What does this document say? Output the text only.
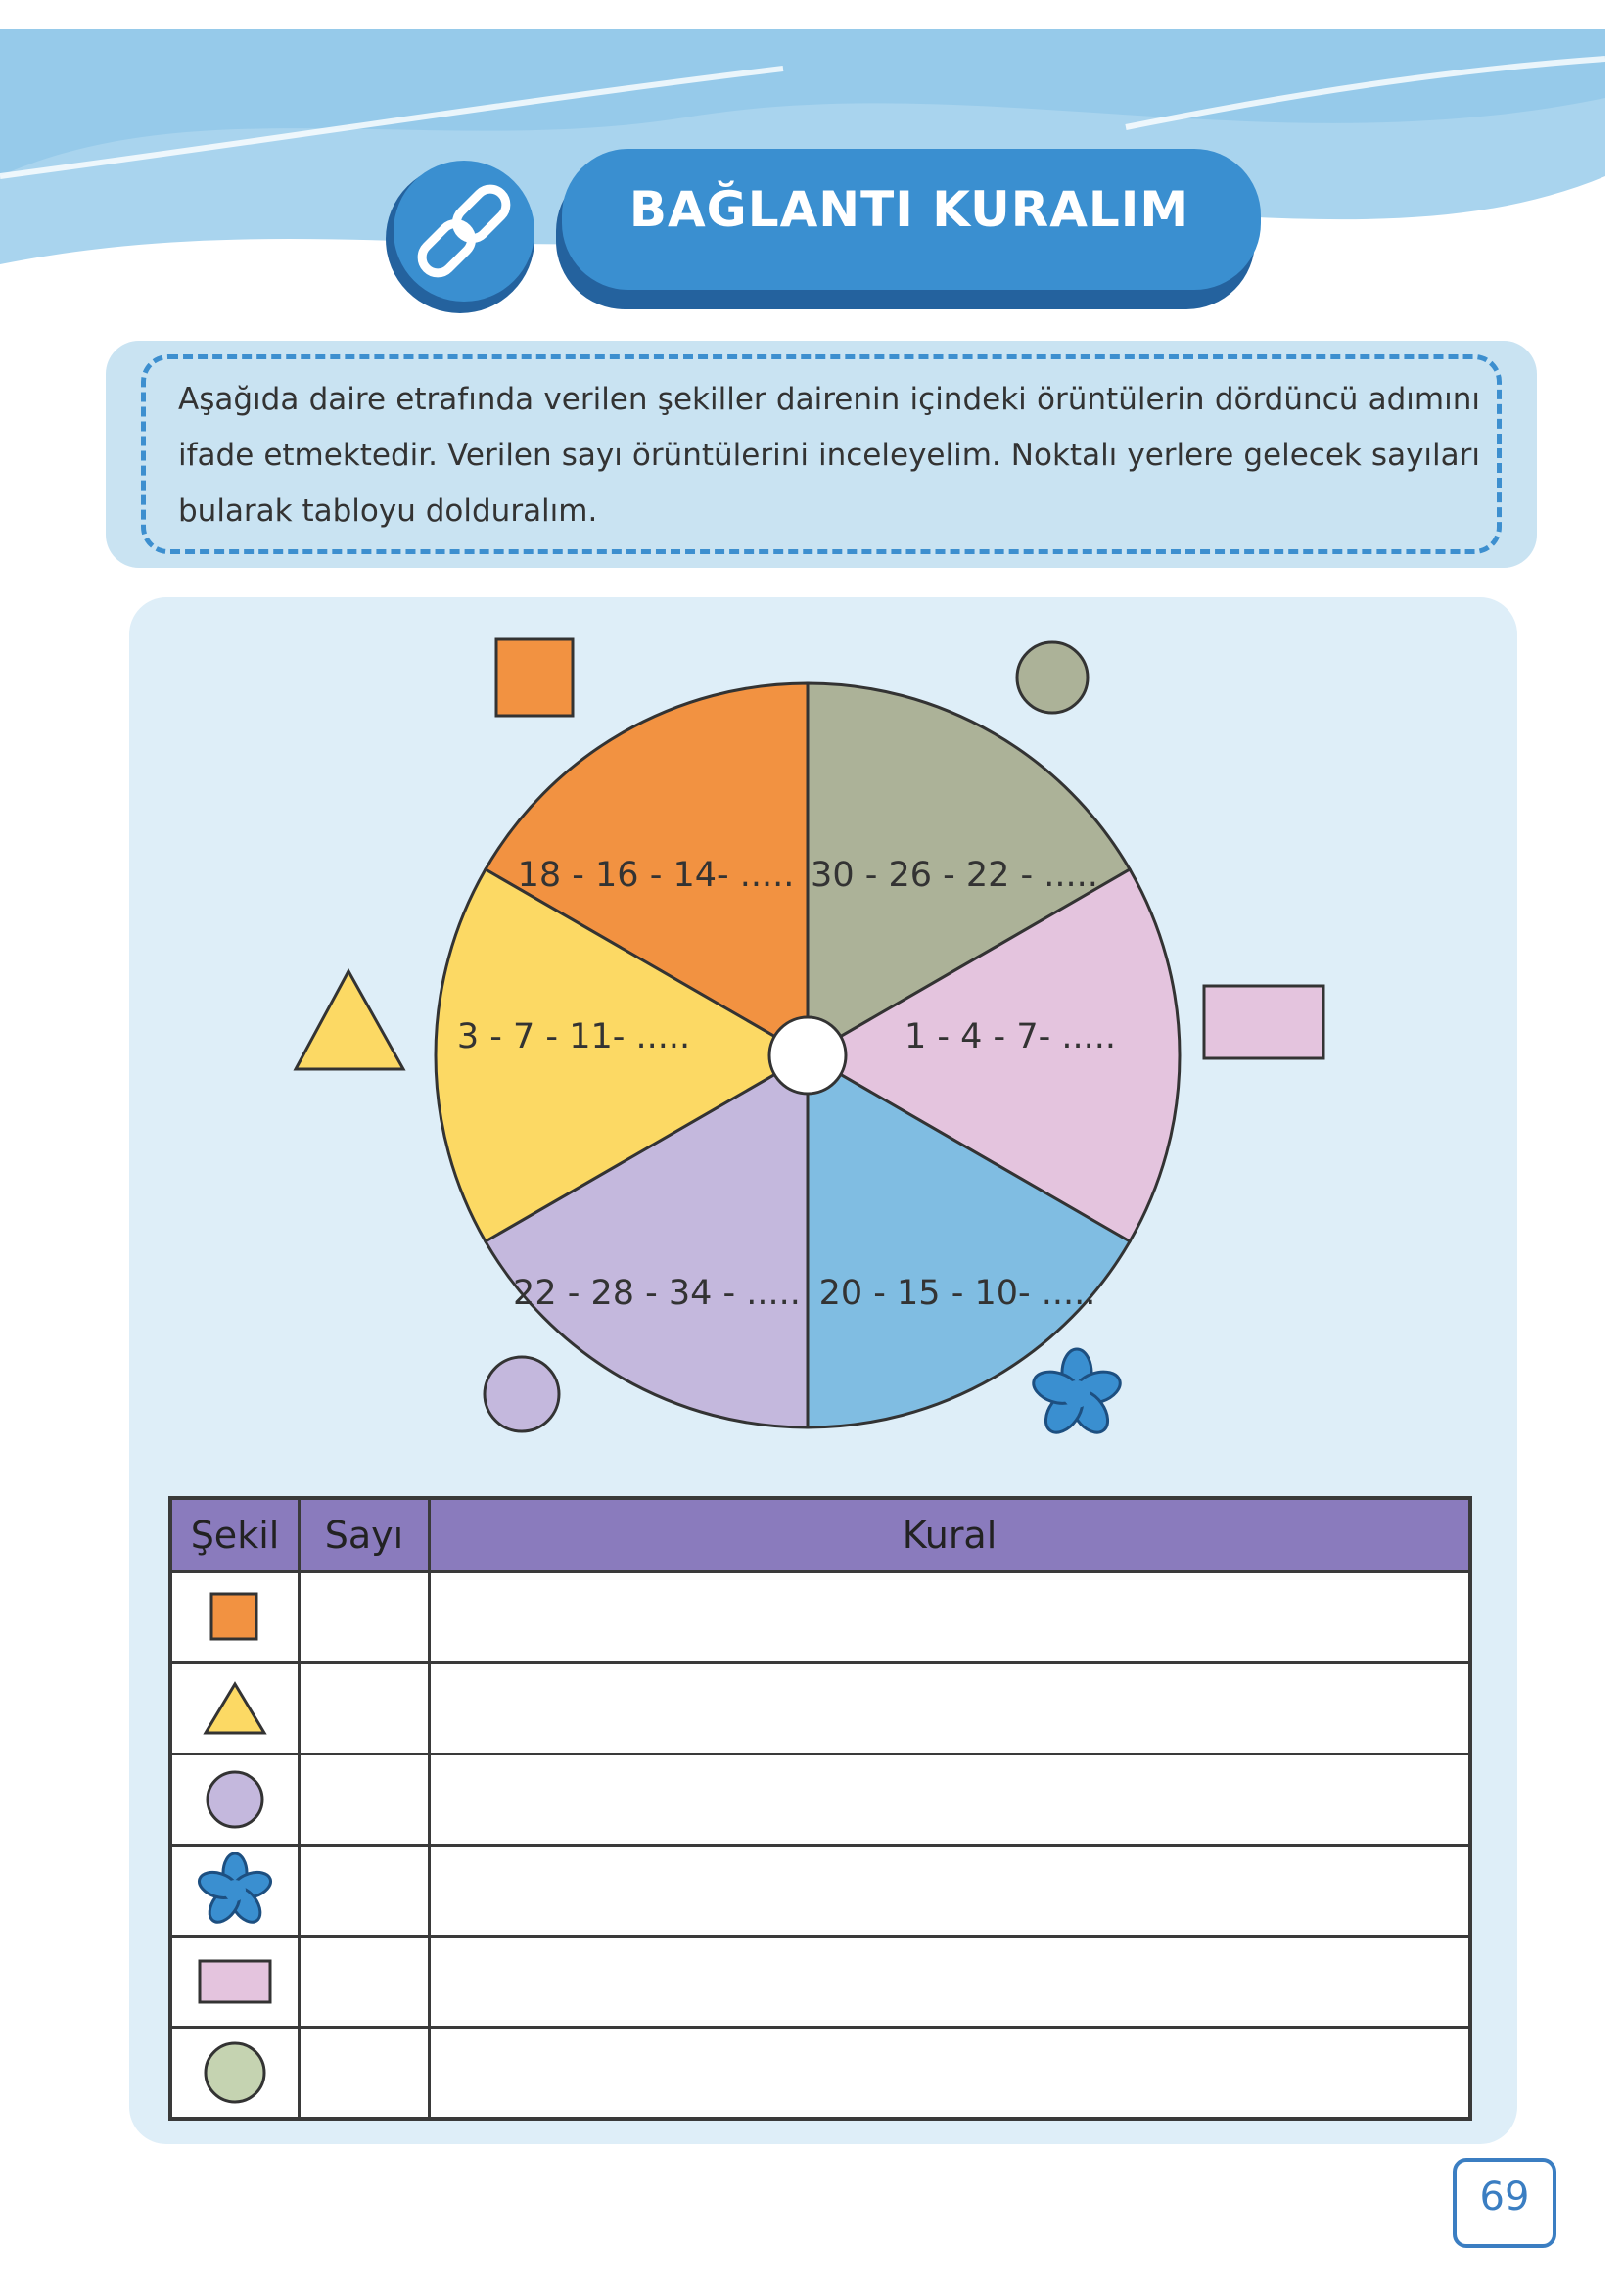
BAĞLANTI KURALIM
Aşağıda daire etrafında verilen şekiller dairenin içindeki örüntülerin dördüncü adımını ifade etmektedir. Verilen sayı örüntülerini inceleyelim. Noktalı yerlere gelecek sayıları bularak tabloyu dolduralım.
18 - 16 - 14- ..... 30 - 26 - 22 - .....
1 - 4 - 7- .....
20 - 15 - 10- .....
22 - 28 - 34 - .....
3 - 7 - 11- .....
Şekil	Sayı	Kural

69
